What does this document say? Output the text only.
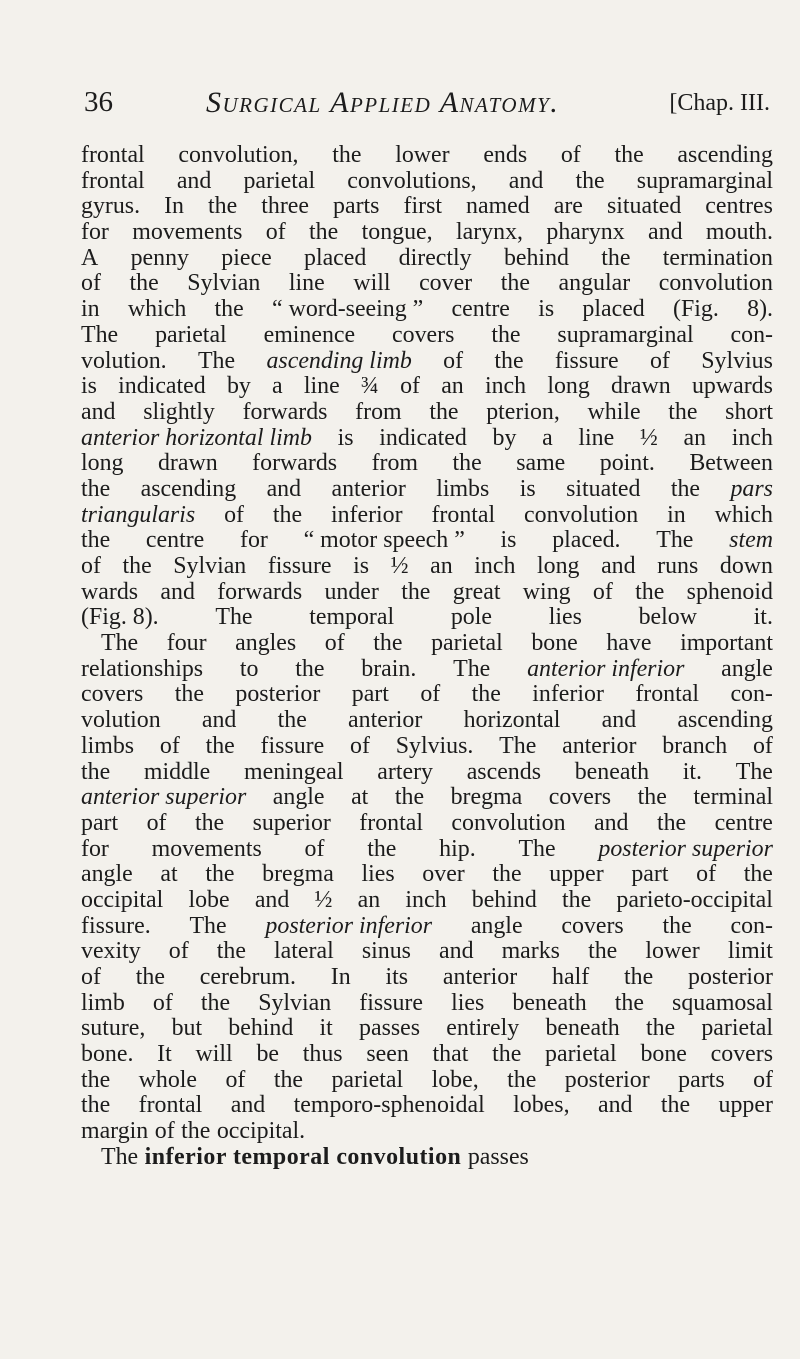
36	Surgical Applied Anatomy.	[Chap. III.
frontal convolution, the lower ends of the ascending
frontal and parietal convolutions, and the supramarginal
gyrus. In the three parts first named are situated centres
for movements of the tongue, larynx, pharynx and mouth.
A penny piece placed directly behind the termination
of the Sylvian line will cover the angular convolution
in which the “ word-seeing ” centre is placed (Fig. 8).
The parietal eminence covers the supramarginal con-
volution. The ascending limb of the fissure of Sylvius
is indicated by a line ¾ of an inch long drawn upwards
and slightly forwards from the pterion, while the short
anterior horizontal limb is indicated by a line ½ an inch
long drawn forwards from the same point. Between
the ascending and anterior limbs is situated the pars
triangularis of the inferior frontal convolution in which
the centre for “ motor speech ” is placed. The stem
of the Sylvian fissure is ½ an inch long and runs down
wards and forwards under the great wing of the sphenoid
(Fig. 8). The temporal pole lies below it.
The four angles of the parietal bone have important
relationships to the brain. The anterior inferior angle
covers the posterior part of the inferior frontal con-
volution and the anterior horizontal and ascending
limbs of the fissure of Sylvius. The anterior branch of
the middle meningeal artery ascends beneath it. The
anterior superior angle at the bregma covers the terminal
part of the superior frontal convolution and the centre
for movements of the hip. The posterior superior
angle at the bregma lies over the upper part of the
occipital lobe and ½ an inch behind the parieto-occipital
fissure. The posterior inferior angle covers the con-
vexity of the lateral sinus and marks the lower limit
of the cerebrum. In its anterior half the posterior
limb of the Sylvian fissure lies beneath the squamosal
suture, but behind it passes entirely beneath the parietal
bone. It will be thus seen that the parietal bone covers
the whole of the parietal lobe, the posterior parts of
the frontal and temporo-sphenoidal lobes, and the upper
margin of the occipital.
The inferior temporal convolution passes
